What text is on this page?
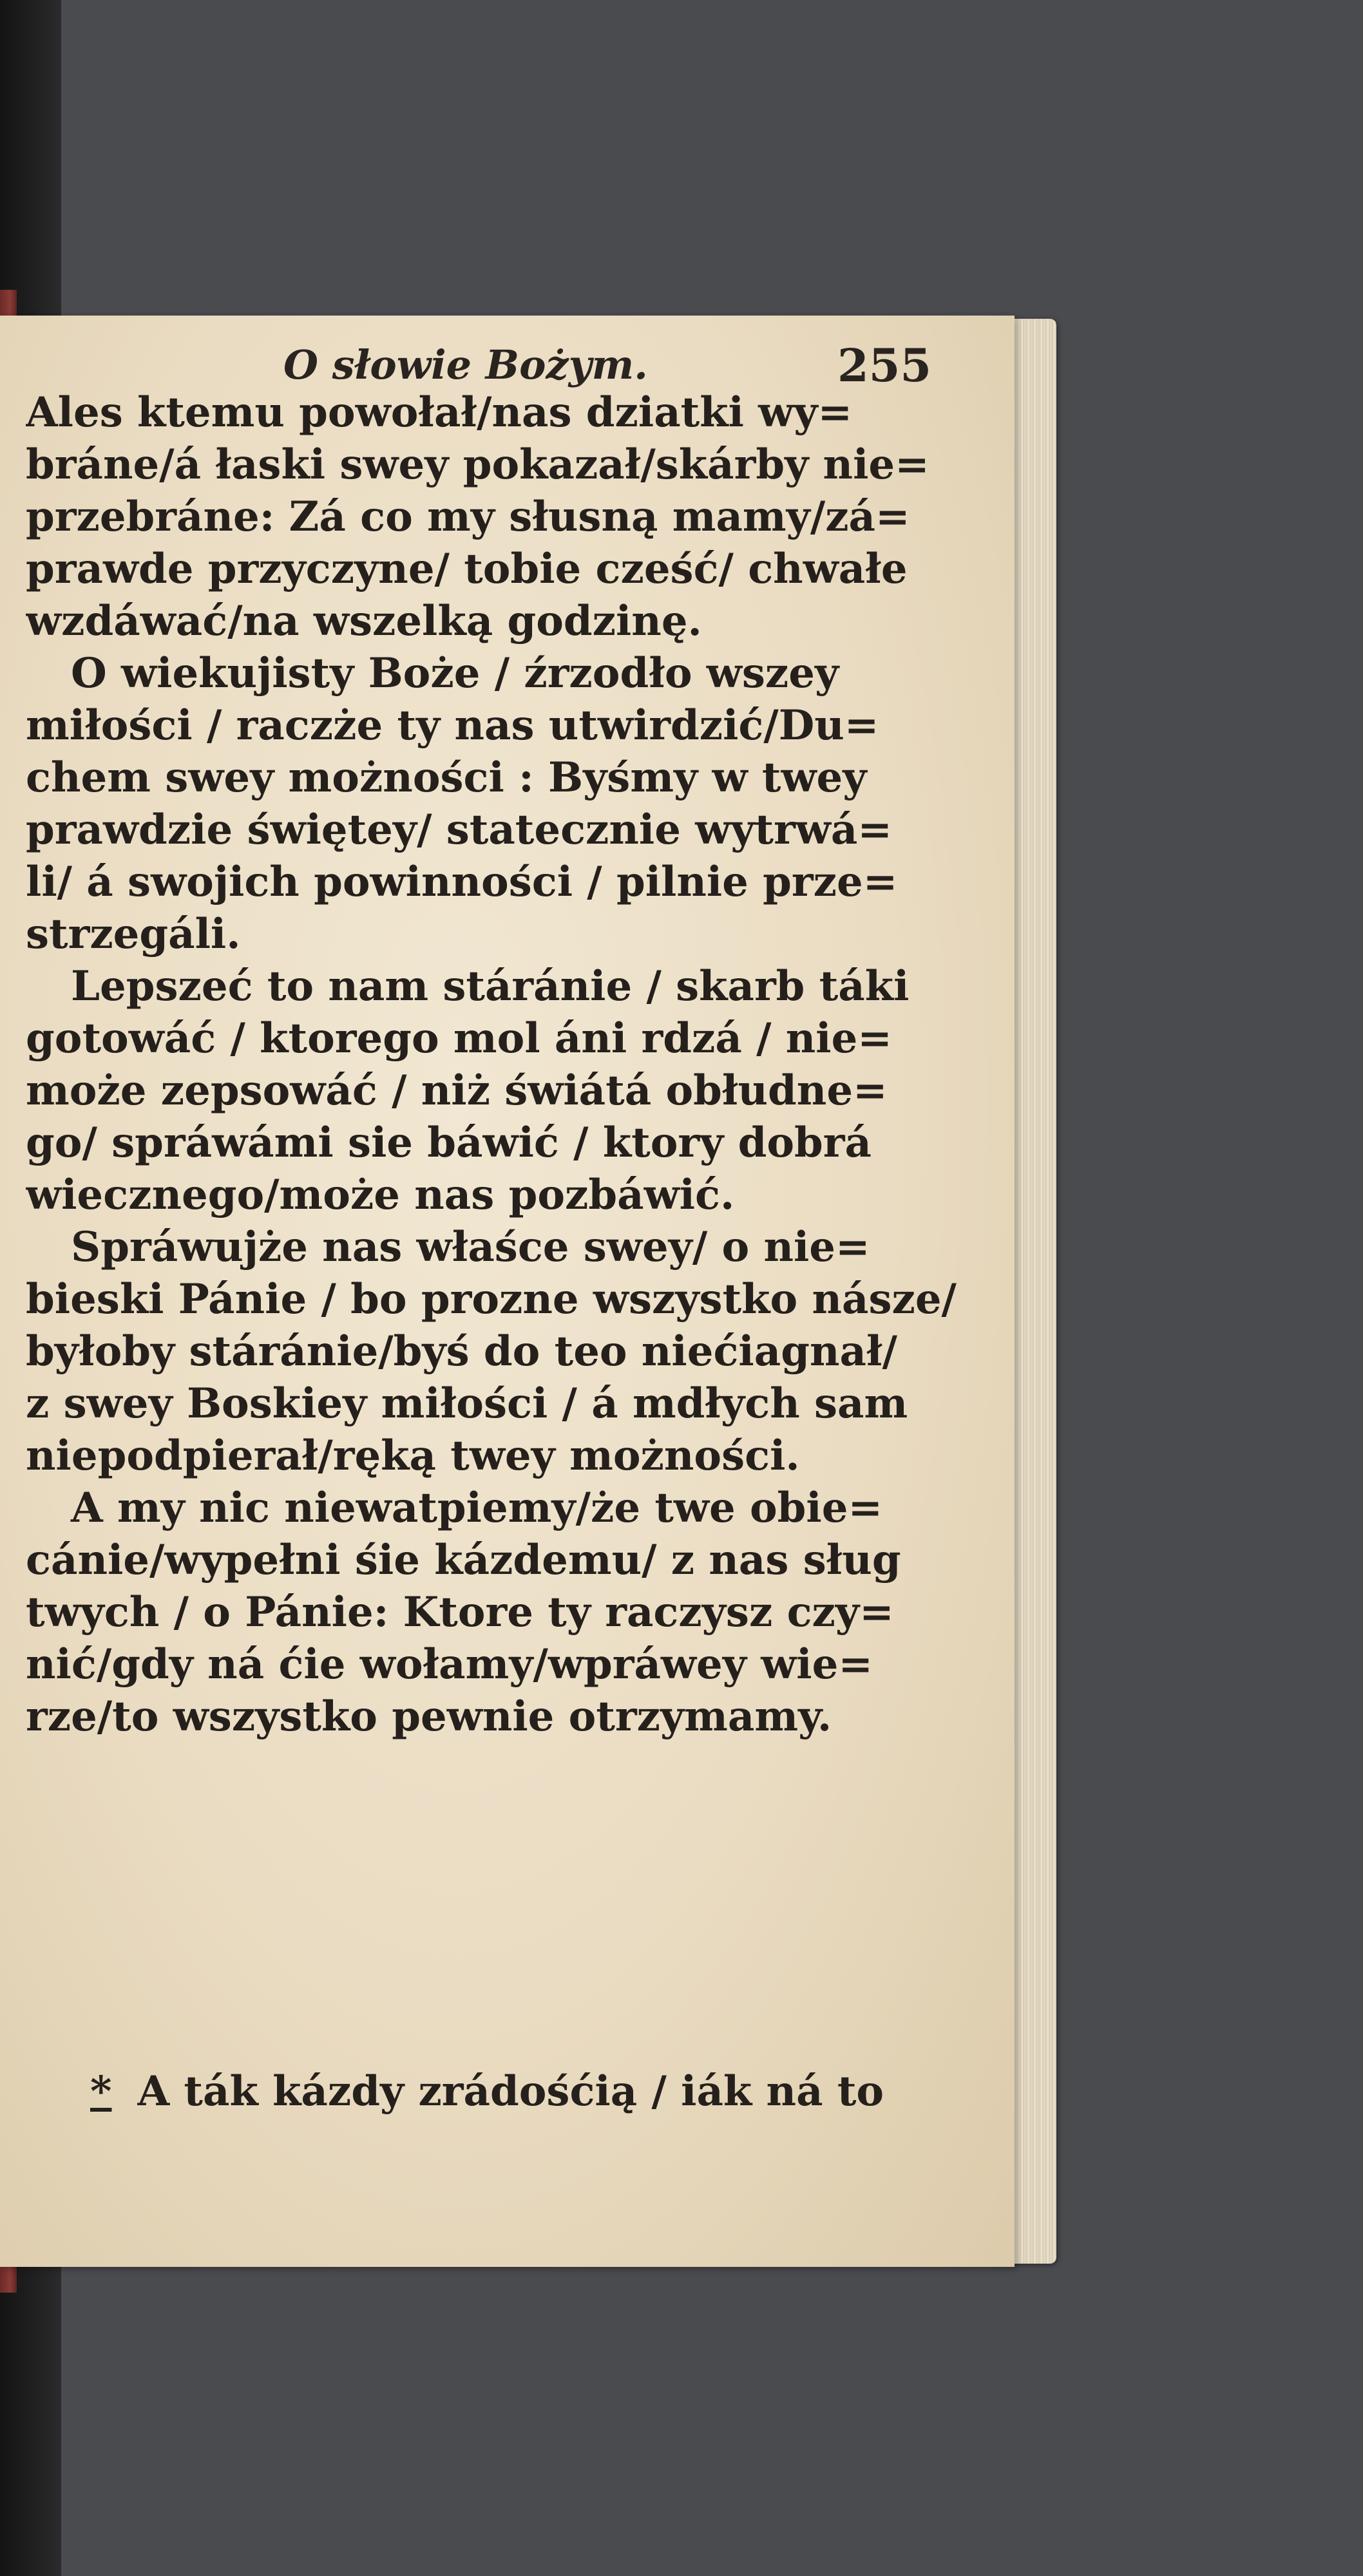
O słowie Bożym.	255
Ales ktemu powołał/nas dziatki wy=
bráne/á łaski swey pokazał/skárby nie=
przebráne: Zá co my słusną mamy/zá=
prawde przyczyne/ tobie cześć/ chwałe
wzdáwać/na wszelką godzinę.
O wiekujisty Boże / źrzodło wszey
miłości / raczże ty nas utwirdzić/Du=
chem swey możności : Byśmy w twey
prawdzie świętey/ statecznie wytrwá=
li/ á swojich powinności / pilnie prze=
strzegáli.
Lepszeć to nam stáránie / skarb táki
gotowáć / ktorego mol áni rdzá / nie=
może zepsowáć / niż świátá obłudne=
go/ spráwámi sie báwić / ktory dobrá
wiecznego/może nas pozbáwić.
Spráwujże nas właśce swey/ o nie=
bieski Pánie / bo prozne wszystko násze/
byłoby stáránie/byś do teo niećiagnał/
z swey Boskiey miłości / á mdłych sam
niepodpierał/ręką twey możności.
A my nic niewatpiemy/że twe obie=
cánie/wypełni śie kázdemu/ z nas sług
twych / o Pánie: Ktore ty raczysz czy=
nić/gdy ná ćie wołamy/wpráwey wie=
rze/to wszystko pewnie otrzymamy.
* A ták kázdy zrádośćią / iák ná to
